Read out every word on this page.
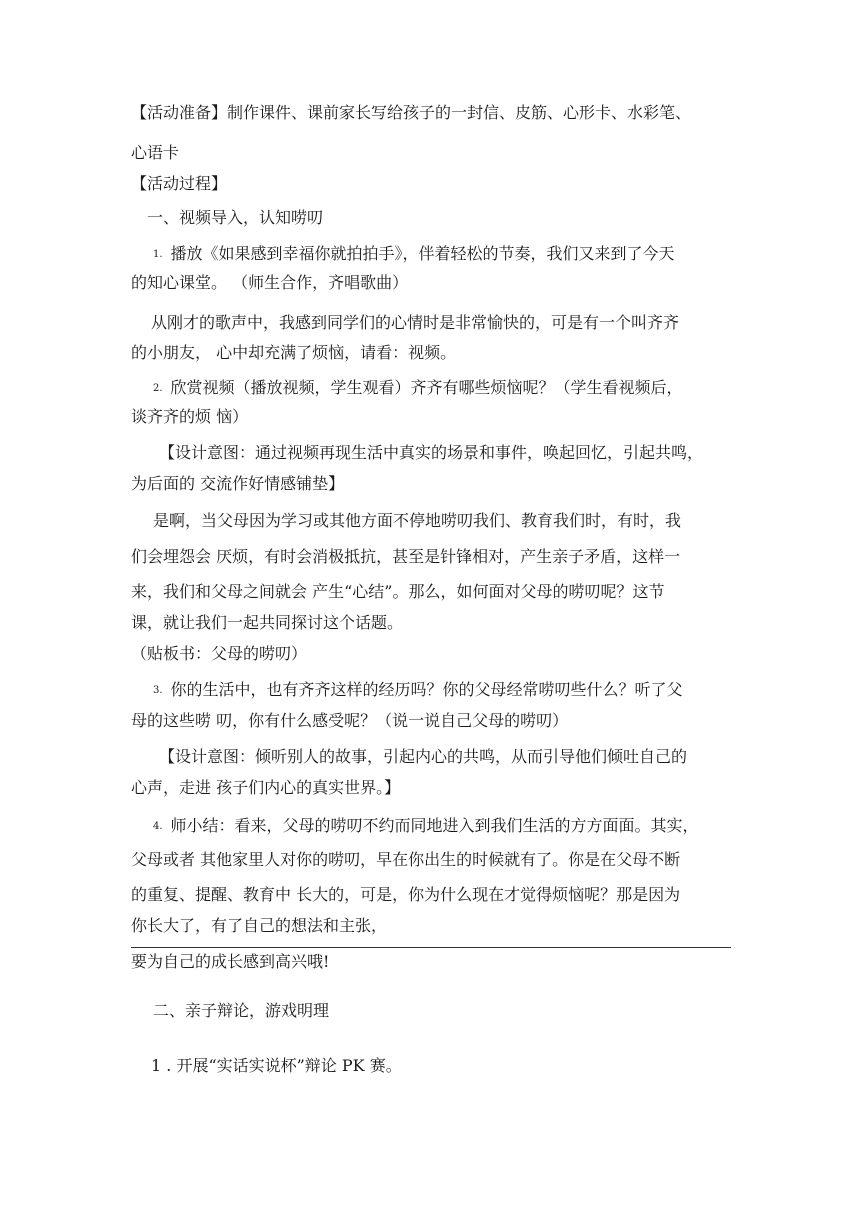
【活动准备】制作课件、课前家长写给孩子的一封信、皮筋、心形卡、水彩笔、
心语卡
【活动过程】
一、视频导入，认知唠叨
1. 播放《如果感到幸福你就拍拍手》，伴着轻松的节奏，我们又来到了今天
的知心课堂。 （师生合作，齐唱歌曲）
从刚才的歌声中，我感到同学们的心情时是非常愉快的，可是有一个叫齐齐
的小朋友， 心中却充满了烦恼，请看：视频。
2. 欣赏视频（播放视频，学生观看）齐齐有哪些烦恼呢？（学生看视频后，
谈齐齐的烦 恼）
【设计意图：通过视频再现生活中真实的场景和事件，唤起回忆，引起共鸣，
为后面的 交流作好情感铺垫】
是啊，当父母因为学习或其他方面不停地唠叨我们、教育我们时，有时，我
们会埋怨会 厌烦，有时会消极抵抗，甚至是针锋相对，产生亲子矛盾，这样一
来，我们和父母之间就会 产生“心结”。那么，如何面对父母的唠叨呢？这节
课，就让我们一起共同探讨这个话题。
（贴板书：父母的唠叨）
3. 你的生活中，也有齐齐这样的经历吗？你的父母经常唠叨些什么？听了父
母的这些唠 叨，你有什么感受呢？（说一说自己父母的唠叨）
【设计意图：倾听别人的故事，引起内心的共鸣，从而引导他们倾吐自己的
心声，走进 孩子们内心的真实世界。】
4. 师小结：看来，父母的唠叨不约而同地进入到我们生活的方方面面。其实，
父母或者 其他家里人对你的唠叨，早在你出生的时候就有了。你是在父母不断
的重复、提醒、教育中 长大的，可是，你为什么现在才觉得烦恼呢？那是因为
你长大了，有了自己的想法和主张，
要为自己的成长感到高兴哦!
二、亲子辩论，游戏明理
1 . 开展“实话实说杯”辩论 PK 赛。
